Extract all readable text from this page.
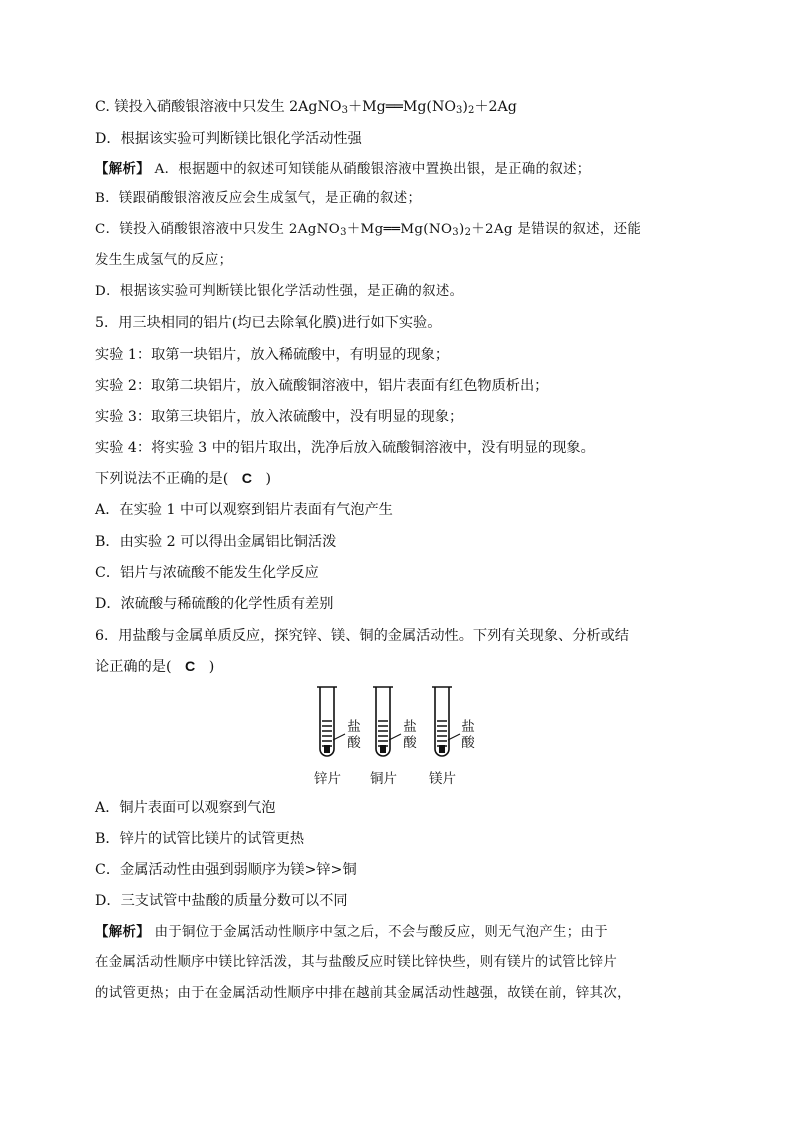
C. 镁投入硝酸银溶液中只发生 $2AgNO_3+Mg══Mg(NO_3)_2+2Ag$
D．根据该实验可判断镁比银化学活动性强
【解析】 A．根据题中的叙述可知镁能从硝酸银溶液中置换出银，是正确的叙述；
B．镁跟硝酸银溶液反应会生成氢气，是正确的叙述；
C．镁投入硝酸银溶液中只发生 $2AgNO_3+Mg══Mg(NO_3)_2+2Ag$ 是错误的叙述，还能
发生生成氢气的反应；
D．根据该实验可判断镁比银化学活动性强，是正确的叙述。
5．用三块相同的铝片(均已去除氧化膜)进行如下实验。
实验 1：取第一块铝片，放入稀硫酸中，有明显的现象；
实验 2：取第二块铝片，放入硫酸铜溶液中，铝片表面有红色物质析出；
实验 3：取第三块铝片，放入浓硫酸中，没有明显的现象；
实验 4：将实验 3 中的铝片取出，洗净后放入硫酸铜溶液中，没有明显的现象。
下列说法不正确的是( C )
A．在实验 1 中可以观察到铝片表面有气泡产生
B．由实验 2 可以得出金属铝比铜活泼
C．铝片与浓硫酸不能发生化学反应
D．浓硫酸与稀硫酸的化学性质有差别
6．用盐酸与金属单质反应，探究锌、镁、铜的金属活动性。下列有关现象、分析或结
论正确的是( C )
盐
酸
盐
酸
盐
酸
锌片 铜片 镁片
A．铜片表面可以观察到气泡
B．锌片的试管比镁片的试管更热
C．金属活动性由强到弱顺序为镁>锌>铜
D．三支试管中盐酸的质量分数可以不同
【解析】 由于铜位于金属活动性顺序中氢之后，不会与酸反应，则无气泡产生；由于
在金属活动性顺序中镁比锌活泼，其与盐酸反应时镁比锌快些，则有镁片的试管比锌片
的试管更热；由于在金属活动性顺序中排在越前其金属活动性越强，故镁在前，锌其次，
